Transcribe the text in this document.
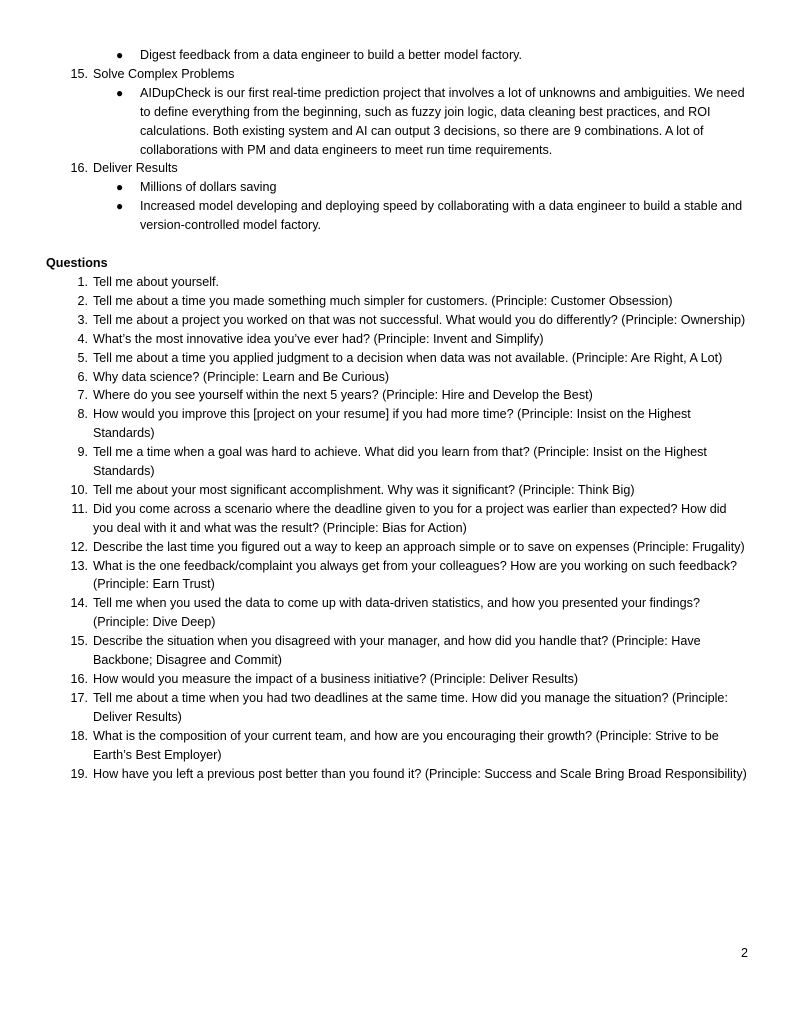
● Digest feedback from a data engineer to build a better model factory.
15. Solve Complex Problems
● AIDupCheck is our first real-time prediction project that involves a lot of unknowns and ambiguities. We need to define everything from the beginning, such as fuzzy join logic, data cleaning best practices, and ROI calculations. Both existing system and AI can output 3 decisions, so there are 9 combinations. A lot of collaborations with PM and data engineers to meet run time requirements.
16. Deliver Results
● Millions of dollars saving
● Increased model developing and deploying speed by collaborating with a data engineer to build a stable and version-controlled model factory.
Questions
1. Tell me about yourself.
2. Tell me about a time you made something much simpler for customers. (Principle: Customer Obsession)
3. Tell me about a project you worked on that was not successful. What would you do differently? (Principle: Ownership)
4. What’s the most innovative idea you’ve ever had? (Principle: Invent and Simplify)
5. Tell me about a time you applied judgment to a decision when data was not available. (Principle: Are Right, A Lot)
6. Why data science? (Principle: Learn and Be Curious)
7. Where do you see yourself within the next 5 years? (Principle: Hire and Develop the Best)
8. How would you improve this [project on your resume] if you had more time? (Principle: Insist on the Highest Standards)
9. Tell me a time when a goal was hard to achieve. What did you learn from that? (Principle: Insist on the Highest Standards)
10. Tell me about your most significant accomplishment. Why was it significant? (Principle: Think Big)
11. Did you come across a scenario where the deadline given to you for a project was earlier than expected? How did you deal with it and what was the result? (Principle: Bias for Action)
12. Describe the last time you figured out a way to keep an approach simple or to save on expenses (Principle: Frugality)
13. What is the one feedback/complaint you always get from your colleagues? How are you working on such feedback? (Principle: Earn Trust)
14. Tell me when you used the data to come up with data-driven statistics, and how you presented your findings? (Principle: Dive Deep)
15. Describe the situation when you disagreed with your manager, and how did you handle that? (Principle: Have Backbone; Disagree and Commit)
16. How would you measure the impact of a business initiative? (Principle: Deliver Results)
17. Tell me about a time when you had two deadlines at the same time. How did you manage the situation? (Principle: Deliver Results)
18. What is the composition of your current team, and how are you encouraging their growth? (Principle: Strive to be Earth’s Best Employer)
19. How have you left a previous post better than you found it? (Principle: Success and Scale Bring Broad Responsibility)
2
